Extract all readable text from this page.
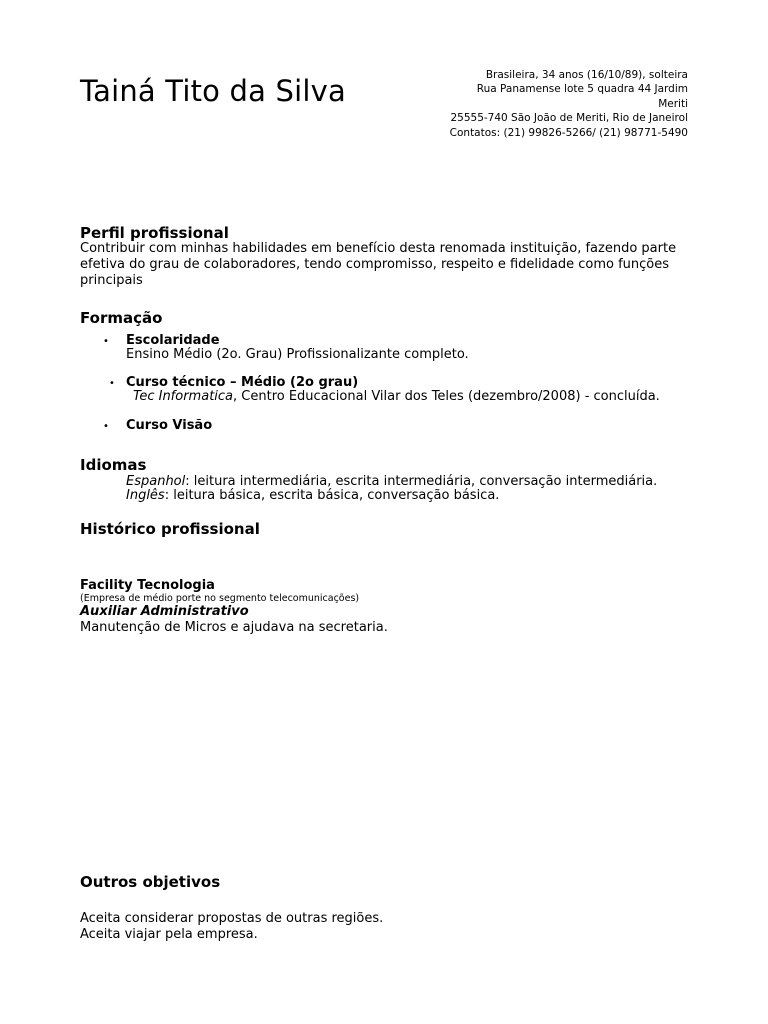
Tainá Tito da Silva	Brasileira, 34 anos (16/10/89), solteira
Rua Panamense lote 5 quadra 44 Jardim Meriti
25555-740 São João de Meriti, Rio de Janeirol
Contatos: (21) 99826-5266/ (21) 98771-5490
Perfil profissional
Contribuir com minhas habilidades em benefício desta renomada instituição, fazendo parte
efetiva do grau de colaboradores, tendo compromisso, respeito e fidelidade como funções
principais
Formação
• Escolaridade
Ensino Médio (2o. Grau) Profissionalizante completo.
• Curso técnico – Médio (2o grau)
Tec Informatica, Centro Educacional Vilar dos Teles (dezembro/2008) - concluída.
• Curso Visão
Idiomas
Espanhol: leitura intermediária, escrita intermediária, conversação intermediária.
Inglês: leitura básica, escrita básica, conversação básica.
Histórico profissional
Facility Tecnologia
(Empresa de médio porte no segmento telecomunicações)
Auxiliar Administrativo
Manutenção de Micros e ajudava na secretaria.
Outros objetivos
Aceita considerar propostas de outras regiões.
Aceita viajar pela empresa.
